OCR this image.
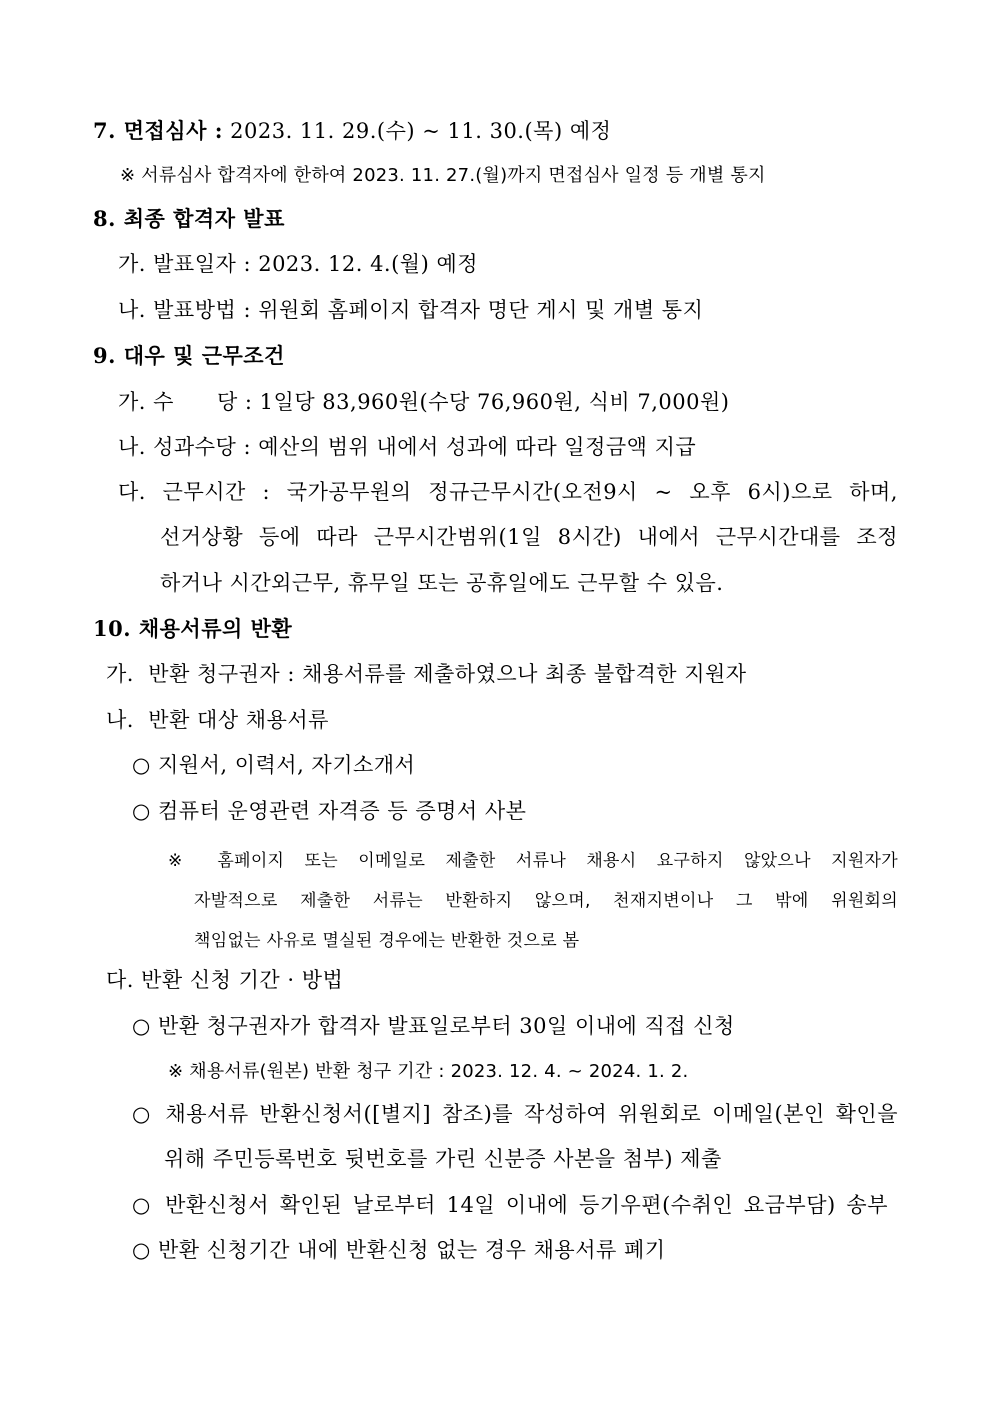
7. 면접심사 : 2023. 11. 29.(수) ~ 11. 30.(목) 예정
※ 서류심사 합격자에 한하여 2023. 11. 27.(월)까지 면접심사 일정 등 개별 통지
8. 최종 합격자 발표
가. 발표일자 : 2023. 12. 4.(월) 예정
나. 발표방법 : 위원회 홈페이지 합격자 명단 게시 및 개별 통지
9. 대우 및 근무조건
가. 수      당 : 1일당 83,960원(수당 76,960원, 식비 7,000원)
나. 성과수당 : 예산의 범위 내에서 성과에 따라 일정금액 지급
다. 근무시간 : 국가공무원의 정규근무시간(오전9시 ~ 오후 6시)으로 하며,
선거상황 등에 따라 근무시간범위(1일 8시간) 내에서 근무시간대를 조정
하거나 시간외근무, 휴무일 또는 공휴일에도 근무할 수 있음.
10. 채용서류의 반환
가.  반환 청구권자 : 채용서류를 제출하였으나 최종 불합격한 지원자
나.  반환 대상 채용서류
○ 지원서, 이력서, 자기소개서
○ 컴퓨터 운영관련 자격증 등 증명서 사본
※ 홈페이지 또는 이메일로 제출한 서류나 채용시 요구하지 않았으나 지원자가
자발적으로 제출한 서류는 반환하지 않으며, 천재지변이나 그 밖에 위원회의
책임없는 사유로 멸실된 경우에는 반환한 것으로 봄
다. 반환 신청 기간 · 방법
○ 반환 청구권자가 합격자 발표일로부터 30일 이내에 직접 신청
※ 채용서류(원본) 반환 청구 기간 : 2023. 12. 4. ~ 2024. 1. 2.
○ 채용서류 반환신청서([별지] 참조)를 작성하여 위원회로 이메일(본인 확인을
위해 주민등록번호 뒷번호를 가린 신분증 사본을 첨부) 제출
○ 반환신청서 확인된 날로부터 14일 이내에 등기우편(수취인 요금부담) 송부
○ 반환 신청기간 내에 반환신청 없는 경우 채용서류 폐기
